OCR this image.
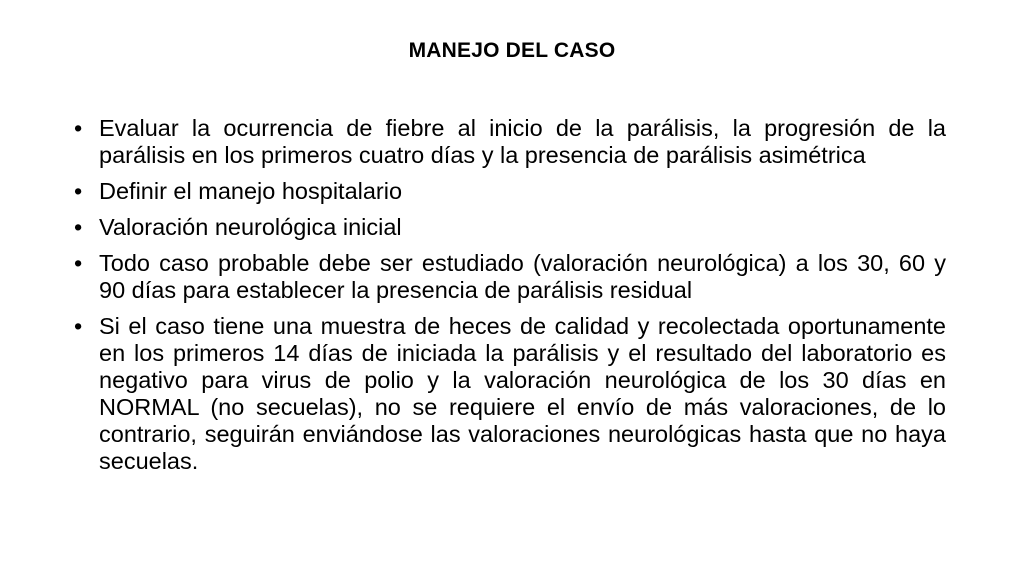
MANEJO DEL CASO
• Evaluar la ocurrencia de fiebre al inicio de la parálisis, la progresión de la parálisis en los primeros cuatro días y la presencia de parálisis asimétrica
• Definir el manejo hospitalario
• Valoración neurológica inicial
• Todo caso probable debe ser estudiado (valoración neurológica) a los 30, 60 y 90 días para establecer la presencia de parálisis residual
• Si el caso tiene una muestra de heces de calidad y recolectada oportunamente en los primeros 14 días de iniciada la parálisis y el resultado del laboratorio es negativo para virus de polio y la valoración neurológica de los 30 días en NORMAL (no secuelas), no se requiere el envío de más valoraciones, de lo contrario, seguirán enviándose las valoraciones neurológicas hasta que no haya secuelas.
